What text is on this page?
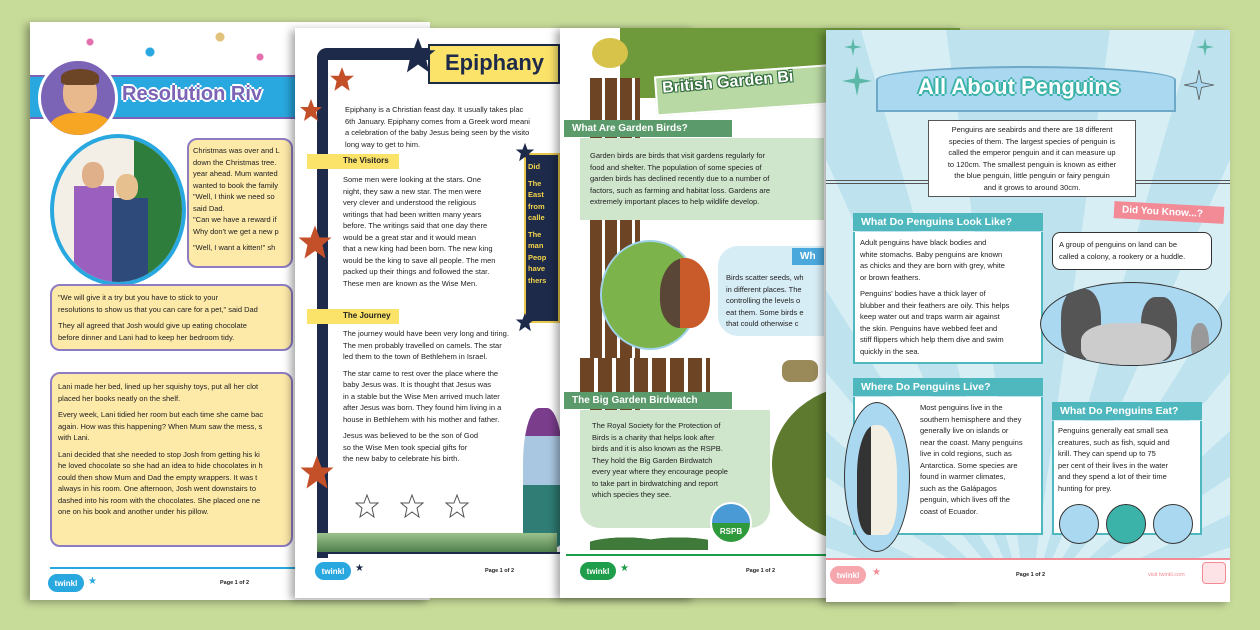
Resolution Riv
Christmas was over and L
down the Christmas tree.
year ahead. Mum wanted
wanted to book the family
"Well, I think we need so
said Dad.
"Can we have a reward if
Why don't we get a new p
"Well, I want a kitten!" sh
"We will give it a try but you have to stick to your
resolutions to show us that you can care for a pet," said Dad
They all agreed that Josh would give up eating chocolate
before dinner and Lani had to keep her bedroom tidy.
Lani made her bed, lined up her squishy toys, put all her clot
placed her books neatly on the shelf.
Every week, Lani tidied her room but each time she came bac
again. How was this happening? When Mum saw the mess, s
with Lani.
Lani decided that she needed to stop Josh from getting his ki
he loved chocolate so she had an idea to hide chocolates in h
could then show Mum and Dad the empty wrappers. It was t
always in his room. One afternoon, Josh went downstairs to
dashed into his room with the chocolates. She placed one ne
one on his book and another under his pillow.
twinkl	★	Page 1 of 2
Epiphany
Epiphany is a Christian feast day. It usually takes plac
6th January. Epiphany comes from a Greek word meani
a celebration of the baby Jesus being seen by the visito
long way to get to him.
The Visitors
Some men were looking at the stars. One
night, they saw a new star. The men were
very clever and understood the religious
writings that had been written many years
before. The writings said that one day there
would be a great star and it would mean
that a new king had been born. The new king
would be the king to save all people. The men
packed up their things and followed the star.
These men are known as the Wise Men.
The Journey
The journey would have been very long and tiring.
The men probably travelled on camels. The star
led them to the town of Bethlehem in Israel.
The star came to rest over the place where the
baby Jesus was. It is thought that Jesus was
in a stable but the Wise Men arrived much later
after Jesus was born. They found him living in a
house in Bethlehem with his mother and father.
Jesus was believed to be the son of God
so the Wise Men took special gifts for
the new baby to celebrate his birth.
Did
The
East
from
calle
The
man
Peop
have
thers
twinkl	★	Page 1 of 2
British Garden Bi
Garden birds are birds that visit gardens regularly for
food and shelter. The population of some species of
garden birds has declined recently due to a number of
factors, such as farming and habitat loss. Gardens are
extremely important places to help wildlife develop.
What Are Garden Birds?
Birds scatter seeds, wh
in different places. The
controlling the levels o
eat them. Some birds e
that could otherwise c
Wh
The Royal Society for the Protection of
Birds is a charity that helps look after
birds and it is also known as the RSPB.
They hold the Big Garden Birdwatch
every year where they encourage people
to take part in birdwatching and report
which species they see.
The Big Garden Birdwatch
RSPB
twinkl	★	Page 1 of 2
All About Penguins
Penguins are seabirds and there are 18 different
species of them. The largest species of penguin is
called the emperor penguin and it can measure up
to 120cm. The smallest penguin is known as either
the blue penguin, little penguin or fairy penguin
and it grows to around 30cm.
What Do Penguins Look Like?
Adult penguins have black bodies and
white stomachs. Baby penguins are known
as chicks and they are born with grey, white
or brown feathers.
Penguins' bodies have a thick layer of
blubber and their feathers are oily. This helps
keep water out and traps warm air against
the skin. Penguins have webbed feet and
stiff flippers which help them dive and swim
quickly in the sea.
Did You Know...?
A group of penguins on land can be
called a colony, a rookery or a huddle.
Where Do Penguins Live?
Most penguins live in the
southern hemisphere and they
generally live on islands or
near the coast. Many penguins
live in cold regions, such as
Antarctica. Some species are
found in warmer climates,
such as the Galápagos
penguin, which lives off the
coast of Ecuador.
What Do Penguins Eat?
Penguins generally eat small sea
creatures, such as fish, squid and
krill. They can spend up to 75
per cent of their lives in the water
and they spend a lot of their time
hunting for prey.
twinkl	★	Page 1 of 2	visit twinkl.com
